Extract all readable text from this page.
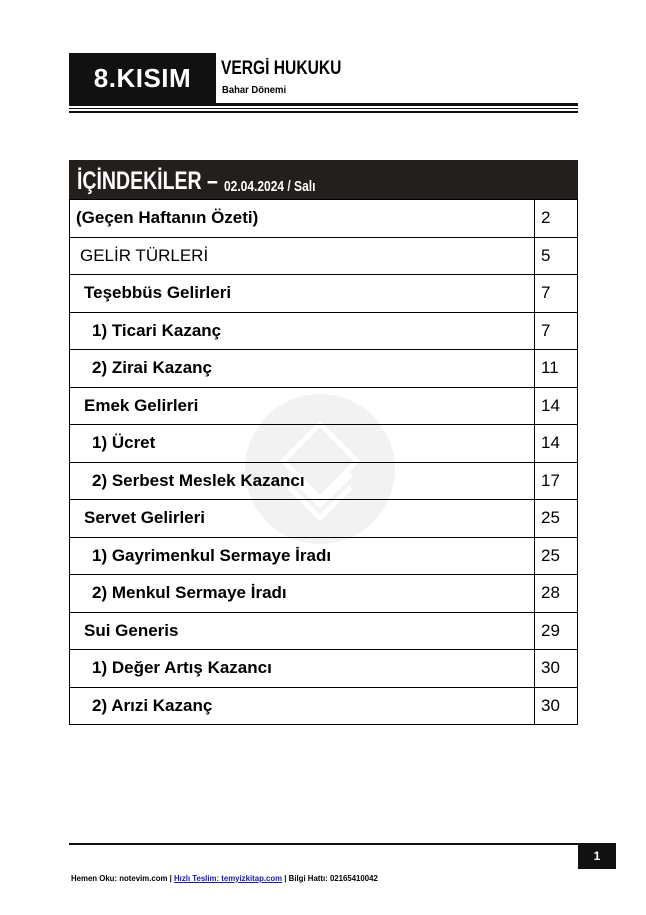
8.KISIM	VERGİ HUKUKU
Bahar Dönemi
İÇİNDEKİLER – 02.04.2024 / Salı
(Geçen Haftanın Özeti)	2
GELİR TÜRLERİ	5
Teşebbüs Gelirleri	7
1) Ticari Kazanç	7
2) Zirai Kazanç	11
Emek Gelirleri	14
1) Ücret	14
2) Serbest Meslek Kazancı	17
Servet Gelirleri	25
1) Gayrimenkul Sermaye İradı	25
2) Menkul Sermaye İradı	28
Sui Generis	29
1) Değer Artış Kazancı	30
2) Arızi Kazanç	30
1
Hemen Oku: notevim.com | Hızlı Teslim: temyizkitap.com | Bilgi Hattı: 02165410042
